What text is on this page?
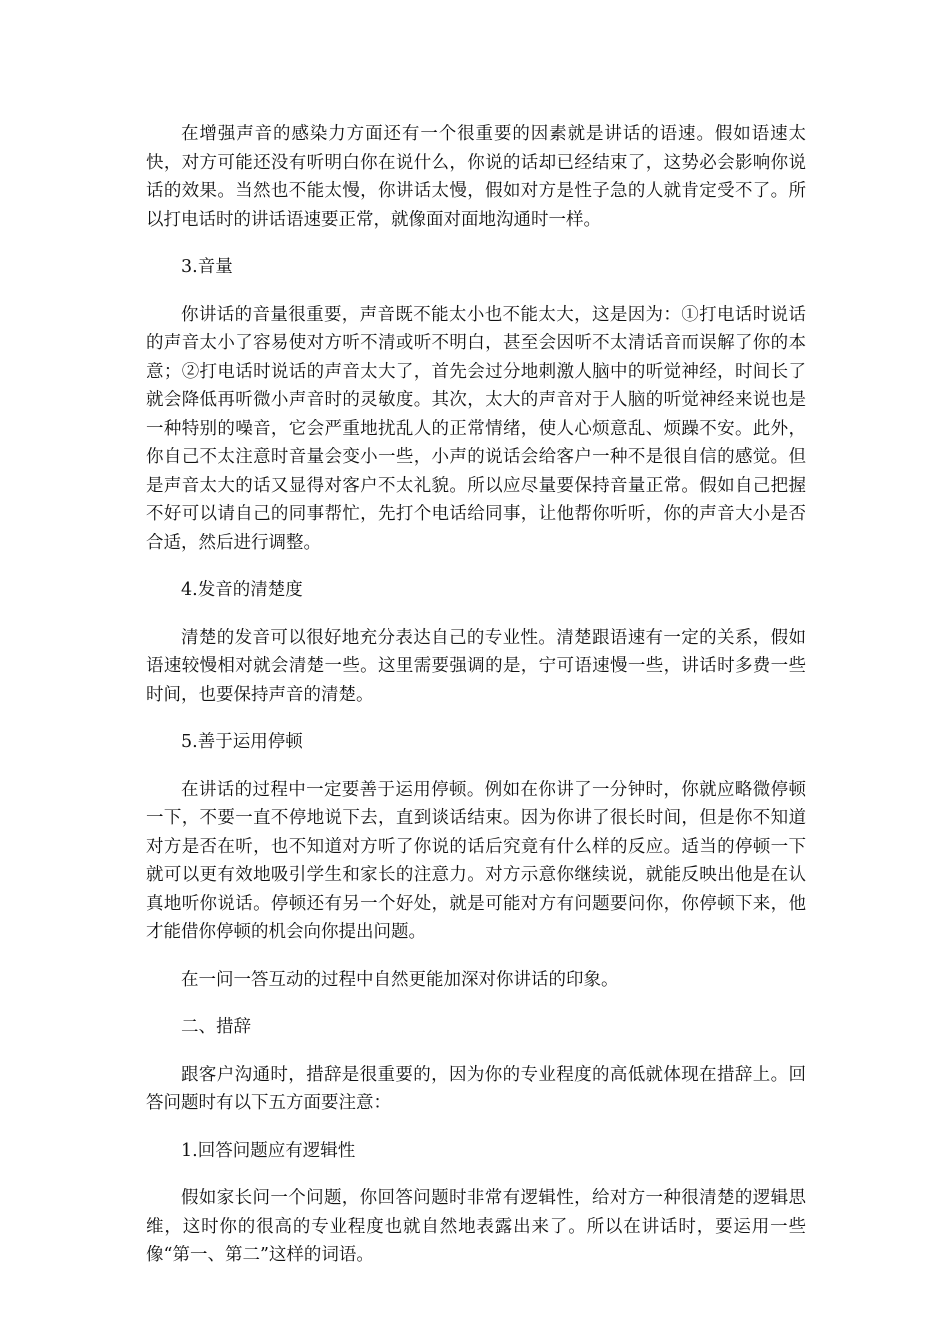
在增强声音的感染力方面还有一个很重要的因素就是讲话的语速。假如语速太快，对方可能还没有听明白你在说什么，你说的话却已经结束了，这势必会影响你说话的效果。当然也不能太慢，你讲话太慢，假如对方是性子急的人就肯定受不了。所以打电话时的讲话语速要正常，就像面对面地沟通时一样。

3.音量

你讲话的音量很重要，声音既不能太小也不能太大，这是因为：①打电话时说话的声音太小了容易使对方听不清或听不明白，甚至会因听不太清话音而误解了你的本意；②打电话时说话的声音太大了，首先会过分地刺激人脑中的听觉神经，时间长了就会降低再听微小声音时的灵敏度。其次，太大的声音对于人脑的听觉神经来说也是一种特别的噪音，它会严重地扰乱人的正常情绪，使人心烦意乱、烦躁不安。此外，你自己不太注意时音量会变小一些，小声的说话会给客户一种不是很自信的感觉。但是声音太大的话又显得对客户不太礼貌。所以应尽量要保持音量正常。假如自己把握不好可以请自己的同事帮忙，先打个电话给同事，让他帮你听听，你的声音大小是否合适，然后进行调整。

4.发音的清楚度

清楚的发音可以很好地充分表达自己的专业性。清楚跟语速有一定的关系，假如语速较慢相对就会清楚一些。这里需要强调的是，宁可语速慢一些，讲话时多费一些时间，也要保持声音的清楚。

5.善于运用停顿

在讲话的过程中一定要善于运用停顿。例如在你讲了一分钟时，你就应略微停顿一下，不要一直不停地说下去，直到谈话结束。因为你讲了很长时间，但是你不知道对方是否在听，也不知道对方听了你说的话后究竟有什么样的反应。适当的停顿一下就可以更有效地吸引学生和家长的注意力。对方示意你继续说，就能反映出他是在认真地听你说话。停顿还有另一个好处，就是可能对方有问题要问你，你停顿下来，他才能借你停顿的机会向你提出问题。

在一问一答互动的过程中自然更能加深对你讲话的印象。

二、措辞

跟客户沟通时，措辞是很重要的，因为你的专业程度的高低就体现在措辞上。回答问题时有以下五方面要注意：

1.回答问题应有逻辑性

假如家长问一个问题，你回答问题时非常有逻辑性，给对方一种很清楚的逻辑思维，这时你的很高的专业程度也就自然地表露出来了。所以在讲话时，要运用一些像“第一、第二”这样的词语。
